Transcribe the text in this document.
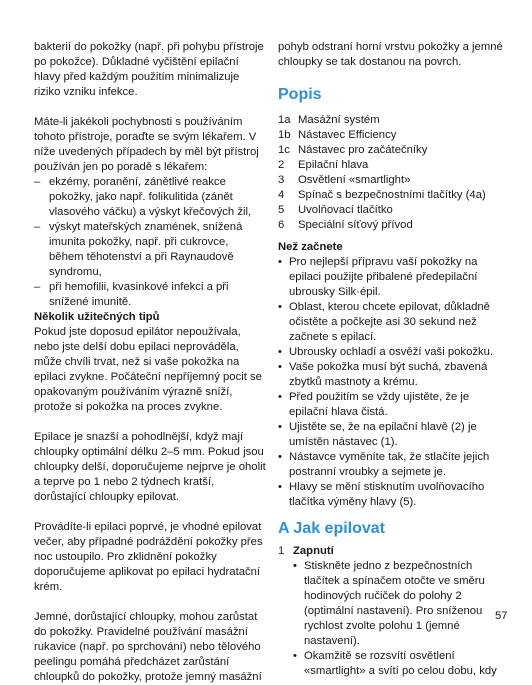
bakterií do pokožky (např. při pohybu přístroje po pokožce). Důkladné vyčištění epilační hlavy před každým použitím minimalizuje riziko vzniku infekce.

Máte-li jakékoli pochybnosti s používáním tohoto přístroje, poraďte se svým lékařem. V níže uvedených případech by měl být přístroj používán jen po poradě s lékařem:

– ekzémy, poranění, zánětlivé reakce pokožky, jako např. folikulitida (zánět vlasového váčku) a výskyt křečových žil,
– výskyt mateřských znamének, snížená imunita pokožky, např. při cukrovce, během těhotenství a při Raynaudově syndromu,
– při hemofilii, kvasinkové infekci a při snížené imunitě.

Několik užitečných tipů

Pokud jste doposud epilátor nepoužívala, nebo jste delší dobu epilaci neprováděla, může chvíli trvat, než si vaše pokožka na epilaci zvykne. Počáteční nepříjemný pocit se opakovaným používáním výrazně sníží, protože si pokožka na proces zvykne.

Epilace je snazší a pohodlnější, když mají chloupky optimální délku 2–5 mm. Pokud jsou chloupky delší, doporučujeme nejprve je oholit a teprve po 1 nebo 2 týdnech kratší, dorůstající chloupky epilovat.

Provádíte-li epilaci poprvé, je vhodné epilovat večer, aby případné podráždění pokožky přes noc ustoupilo. Pro zklidnění pokožky doporučujeme aplikovat po epilaci hydratační krém.

Jemné, dorůstající chloupky, mohou zarůstat do pokožky. Pravidelné používání masážní rukavice (např. po sprchování) nebo tělového peelingu pomáhá předcházet zarůstání chloupků do pokožky, protože jemný masážní

pohyb odstraní horní vrstvu pokožky a jemné chloupky se tak dostanou na povrch.

Popis
1a Masážní systém
1b Nástavec Efficiency
1c Nástavec pro začátečníky
2	Epilační hlava
3	Osvětlení «smartlight»
4	Spínač s bezpečnostními tlačítky (4a)
5	Uvolňovací tlačítko
6	Speciální síťový přívod

Než začnete

• Pro nejlepší přípravu vaší pokožky na epilaci použijte přibalené předepilační ubrousky Silk·épil.
• Oblast, kterou chcete epilovat, důkladně očistěte a počkejte asi 30 sekund než začnete s epilací.
• Ubrousky ochladí a osvěží vaši pokožku.
• Vaše pokožka musí být suchá, zbavená zbytků mastnoty a krému.
• Před použitím se vždy ujistěte, že je epilační hlava čistá.
• Ujistěte se, že na epilační hlavě (2) je umístěn nástavec (1).
• Nástavce vyměníte tak, že stlačíte jejich postranní vroubky a sejmete je.
• Hlavy se mění stisknutím uvolňovacího tlačítka výměny hlavy (5).
A Jak epilovat
1 Zapnutí

• Stiskněte jedno z bezpečnostních tlačítek a spínačem otočte ve směru hodinových ručiček do polohy 2 (optimální nastavení). Pro sníženou rychlost zvolte polohu 1 (jemné nastavení).
• Okamžitě se rozsvítí osvětlení «smartlight» a svítí po celou dobu, kdy
57
